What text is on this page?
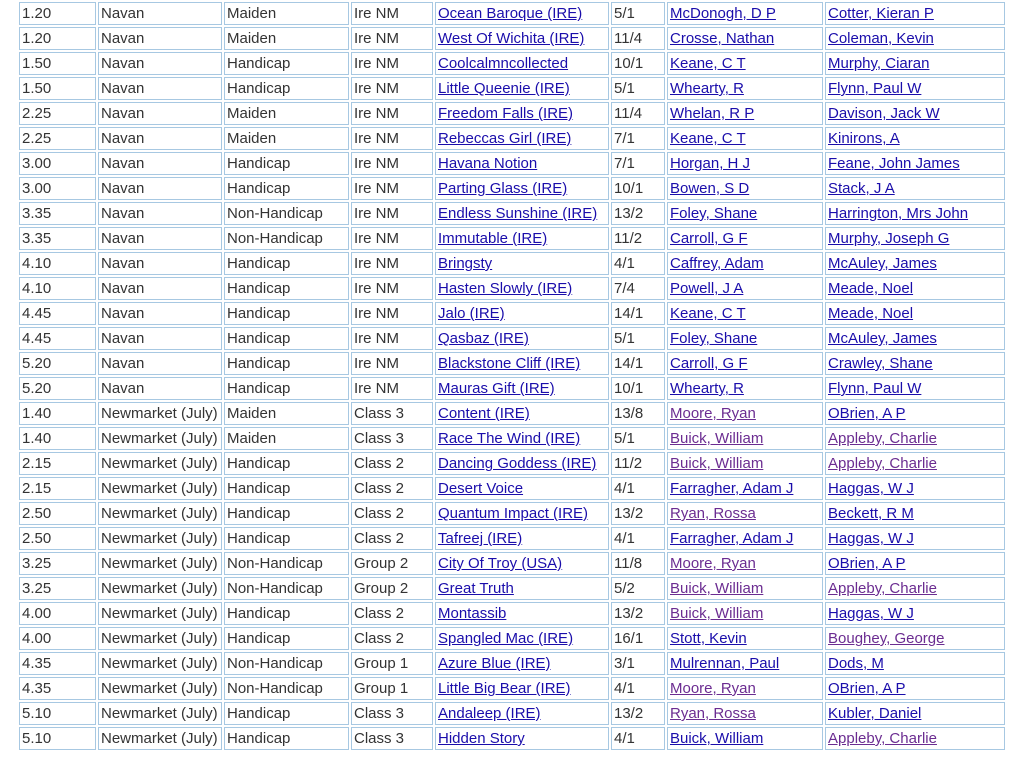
1.20	Navan	Maiden	Ire NM	Ocean Baroque (IRE)	5/1	McDonogh, D P	Cotter, Kieran P
1.20	Navan	Maiden	Ire NM	West Of Wichita (IRE)	11/4	Crosse, Nathan	Coleman, Kevin
1.50	Navan	Handicap	Ire NM	Coolcalmncollected	10/1	Keane, C T	Murphy, Ciaran
1.50	Navan	Handicap	Ire NM	Little Queenie (IRE)	5/1	Whearty, R	Flynn, Paul W
2.25	Navan	Maiden	Ire NM	Freedom Falls (IRE)	11/4	Whelan, R P	Davison, Jack W
2.25	Navan	Maiden	Ire NM	Rebeccas Girl (IRE)	7/1	Keane, C T	Kinirons, A
3.00	Navan	Handicap	Ire NM	Havana Notion	7/1	Horgan, H J	Feane, John James
3.00	Navan	Handicap	Ire NM	Parting Glass (IRE)	10/1	Bowen, S D	Stack, J A
3.35	Navan	Non-Handicap	Ire NM	Endless Sunshine (IRE)	13/2	Foley, Shane	Harrington, Mrs John
3.35	Navan	Non-Handicap	Ire NM	Immutable (IRE)	11/2	Carroll, G F	Murphy, Joseph G
4.10	Navan	Handicap	Ire NM	Bringsty	4/1	Caffrey, Adam	McAuley, James
4.10	Navan	Handicap	Ire NM	Hasten Slowly (IRE)	7/4	Powell, J A	Meade, Noel
4.45	Navan	Handicap	Ire NM	Jalo (IRE)	14/1	Keane, C T	Meade, Noel
4.45	Navan	Handicap	Ire NM	Qasbaz (IRE)	5/1	Foley, Shane	McAuley, James
5.20	Navan	Handicap	Ire NM	Blackstone Cliff (IRE)	14/1	Carroll, G F	Crawley, Shane
5.20	Navan	Handicap	Ire NM	Mauras Gift (IRE)	10/1	Whearty, R	Flynn, Paul W
1.40	Newmarket (July)	Maiden	Class 3	Content (IRE)	13/8	Moore, Ryan	OBrien, A P
1.40	Newmarket (July)	Maiden	Class 3	Race The Wind (IRE)	5/1	Buick, William	Appleby, Charlie
2.15	Newmarket (July)	Handicap	Class 2	Dancing Goddess (IRE)	11/2	Buick, William	Appleby, Charlie
2.15	Newmarket (July)	Handicap	Class 2	Desert Voice	4/1	Farragher, Adam J	Haggas, W J
2.50	Newmarket (July)	Handicap	Class 2	Quantum Impact (IRE)	13/2	Ryan, Rossa	Beckett, R M
2.50	Newmarket (July)	Handicap	Class 2	Tafreej (IRE)	4/1	Farragher, Adam J	Haggas, W J
3.25	Newmarket (July)	Non-Handicap	Group 2	City Of Troy (USA)	11/8	Moore, Ryan	OBrien, A P
3.25	Newmarket (July)	Non-Handicap	Group 2	Great Truth	5/2	Buick, William	Appleby, Charlie
4.00	Newmarket (July)	Handicap	Class 2	Montassib	13/2	Buick, William	Haggas, W J
4.00	Newmarket (July)	Handicap	Class 2	Spangled Mac (IRE)	16/1	Stott, Kevin	Boughey, George
4.35	Newmarket (July)	Non-Handicap	Group 1	Azure Blue (IRE)	3/1	Mulrennan, Paul	Dods, M
4.35	Newmarket (July)	Non-Handicap	Group 1	Little Big Bear (IRE)	4/1	Moore, Ryan	OBrien, A P
5.10	Newmarket (July)	Handicap	Class 3	Andaleep (IRE)	13/2	Ryan, Rossa	Kubler, Daniel
5.10	Newmarket (July)	Handicap	Class 3	Hidden Story	4/1	Buick, William	Appleby, Charlie
